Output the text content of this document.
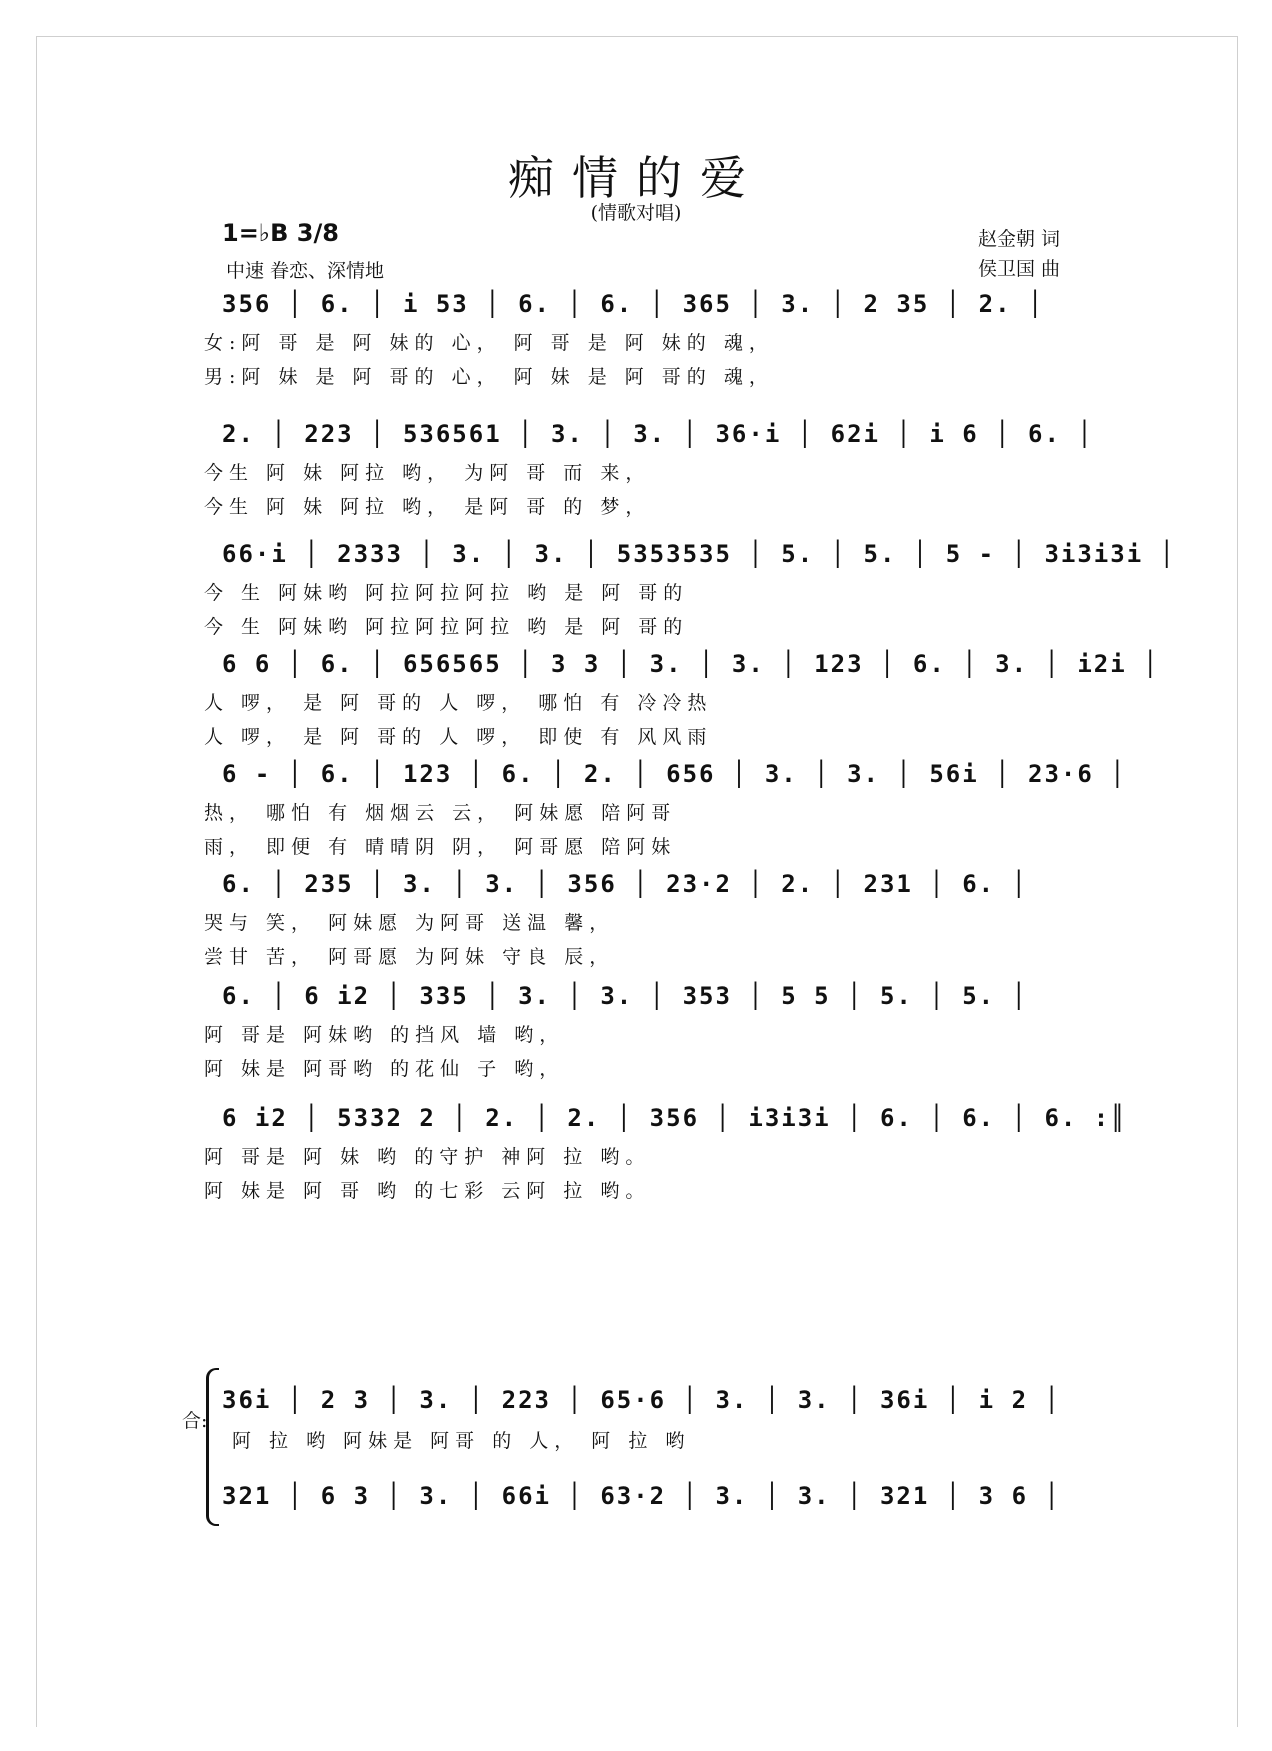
痴情的爱
(情歌对唱)
1=♭B 3/8
中速 眷恋、深情地
赵金朝 词
侯卫国 曲
356 │ 6. │ i 53 │ 6. │ 6. │ 365 │ 3. │ 2 35 │ 2. │
女:阿 哥 是 阿 妹的 心， 阿 哥 是 阿 妹的 魂，
男:阿 妹 是 阿 哥的 心， 阿 妹 是 阿 哥的 魂，
2. │ 223 │ 536561 │ 3. │ 3. │ 36·i │ 62i │ i 6 │ 6. │
今生 阿 妹 阿拉 哟， 为阿 哥 而 来，
今生 阿 妹 阿拉 哟， 是阿 哥 的 梦，
66·i │ 2333 │ 3. │ 3. │ 5353535 │ 5. │ 5. │ 5 - │ 3i3i3i │
今 生 阿妹哟 阿拉阿拉阿拉 哟 是 阿 哥的
今 生 阿妹哟 阿拉阿拉阿拉 哟 是 阿 哥的
6 6 │ 6. │ 656565 │ 3 3 │ 3. │ 3. │ 123 │ 6. │ 3. │ i2i │
人 啰， 是 阿 哥的 人 啰， 哪怕 有 冷冷热
人 啰， 是 阿 哥的 人 啰， 即使 有 风风雨
6 - │ 6. │ 123 │ 6. │ 2. │ 656 │ 3. │ 3. │ 56i │ 23·6 │
热， 哪怕 有 烟烟云 云， 阿妹愿 陪阿哥
雨， 即便 有 晴晴阴 阴， 阿哥愿 陪阿妹
6. │ 235 │ 3. │ 3. │ 356 │ 23·2 │ 2. │ 231 │ 6. │
哭与 笑， 阿妹愿 为阿哥 送温 馨，
尝甘 苦， 阿哥愿 为阿妹 守良 辰，
6. │ 6 i2 │ 335 │ 3. │ 3. │ 353 │ 5 5 │ 5. │ 5. │
阿 哥是 阿妹哟 的挡风 墙 哟，
阿 妹是 阿哥哟 的花仙 子 哟，
6 i2 │ 5332 2 │ 2. │ 2. │ 356 │ i3i3i │ 6. │ 6. │ 6. :║
阿 哥是 阿 妹 哟 的守护 神阿 拉 哟。
阿 妹是 阿 哥 哟 的七彩 云阿 拉 哟。
合:
36i │ 2 3 │ 3. │ 223 │ 65·6 │ 3. │ 3. │ 36i │ i 2 │
阿 拉 哟 阿妹是 阿哥 的 人， 阿 拉 哟
321 │ 6 3 │ 3. │ 66i │ 63·2 │ 3. │ 3. │ 321 │ 3 6 │
